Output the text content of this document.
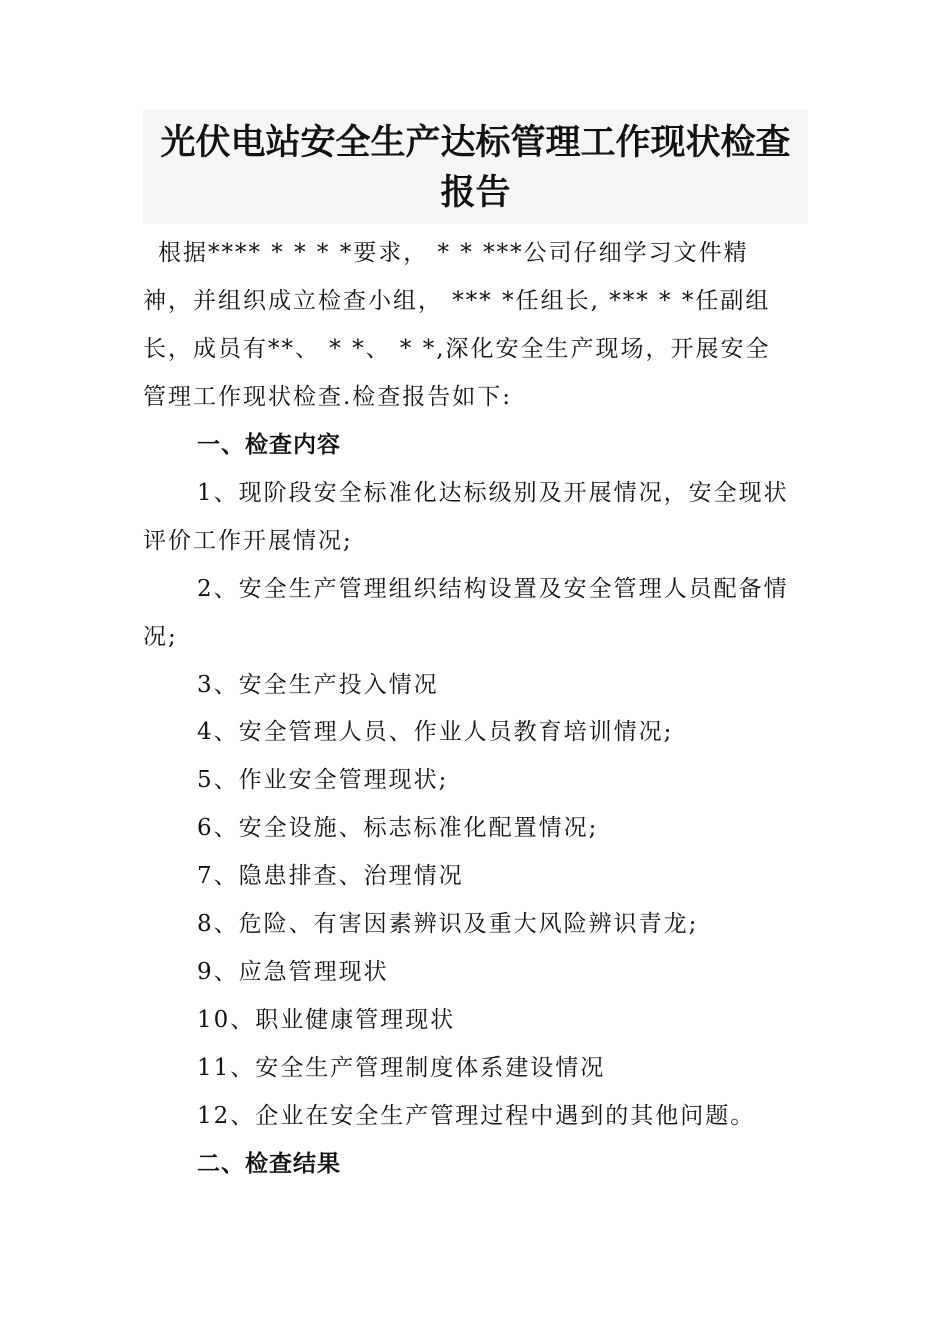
光伏电站安全生产达标管理工作现状检查
报告

根据**** * * * *要求， * * ***公司仔细学习文件精

神，并组织成立检查小组， *** *任组长, *** * *任副组

长，成员有**、 * *、 * *,深化安全生产现场，开展安全

管理工作现状检查.检查报告如下:

一、检查内容

1、现阶段安全标准化达标级别及开展情况，安全现状

评价工作开展情况;

2、安全生产管理组织结构设置及安全管理人员配备情

况;

3、安全生产投入情况

4、安全管理人员、作业人员教育培训情况;

5、作业安全管理现状;

6、安全设施、标志标准化配置情况;

7、隐患排查、治理情况

8、危险、有害因素辨识及重大风险辨识青龙;

9、应急管理现状

10、职业健康管理现状

11、安全生产管理制度体系建设情况

12、企业在安全生产管理过程中遇到的其他问题。

二、检查结果
